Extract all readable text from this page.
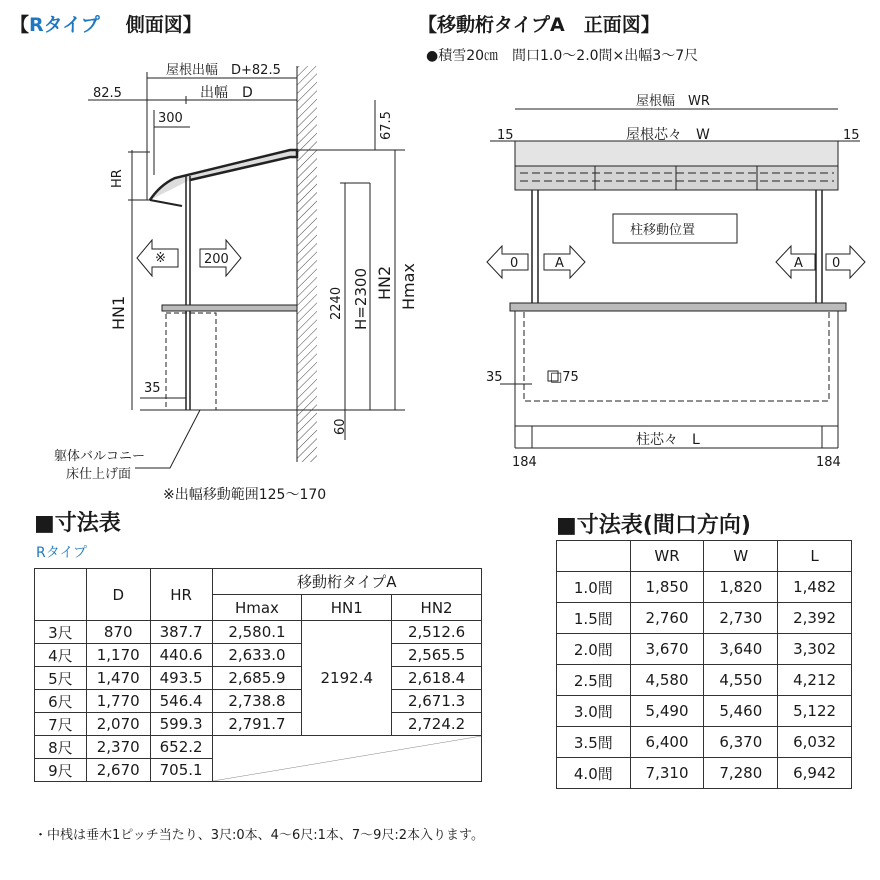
【Rタイプ 側面図】	【移動桁タイプA　正面図】
●積雪20㎝　間口1.0～2.0間×出幅3～7尺
屋根出幅　D+82.5
82.5	出幅　D
300
HR
HN1
※	200
35
67.5
2240 H=2300 HN2 Hmax
60
躯体バルコニー
床仕上げ面
※出幅移動範囲125～170
屋根幅　WR
15	屋根芯々　W	15
柱移動位置
0	A	A 0
35	□75
柱芯々　L
184	184
■寸法表
Rタイプ
	D	HR	移動桁タイプA		
			Hmax	HN1	HN2
3尺	870	387.7	2,580.1	2192.4	2,512.6
4尺	1,170	440.6	2,633.0		2,565.5
5尺	1,470	493.5	2,685.9		2,618.4
6尺	1,770	546.4	2,738.8		2,671.3
7尺	2,070	599.3	2,791.7		2,724.2
8尺	2,370	652.2	

9尺	2,670	705.1			
■寸法表(間口方向)
	WR	W	L
1.0間	1,850	1,820	1,482
1.5間	2,760	2,730	2,392
2.0間	3,670	3,640	3,302
2.5間	4,580	4,550	4,212
3.0間	5,490	5,460	5,122
3.5間	6,400	6,370	6,032
4.0間	7,310	7,280	6,942
・中桟は垂木1ピッチ当たり、3尺:0本、4～6尺:1本、7～9尺:2本入ります。
